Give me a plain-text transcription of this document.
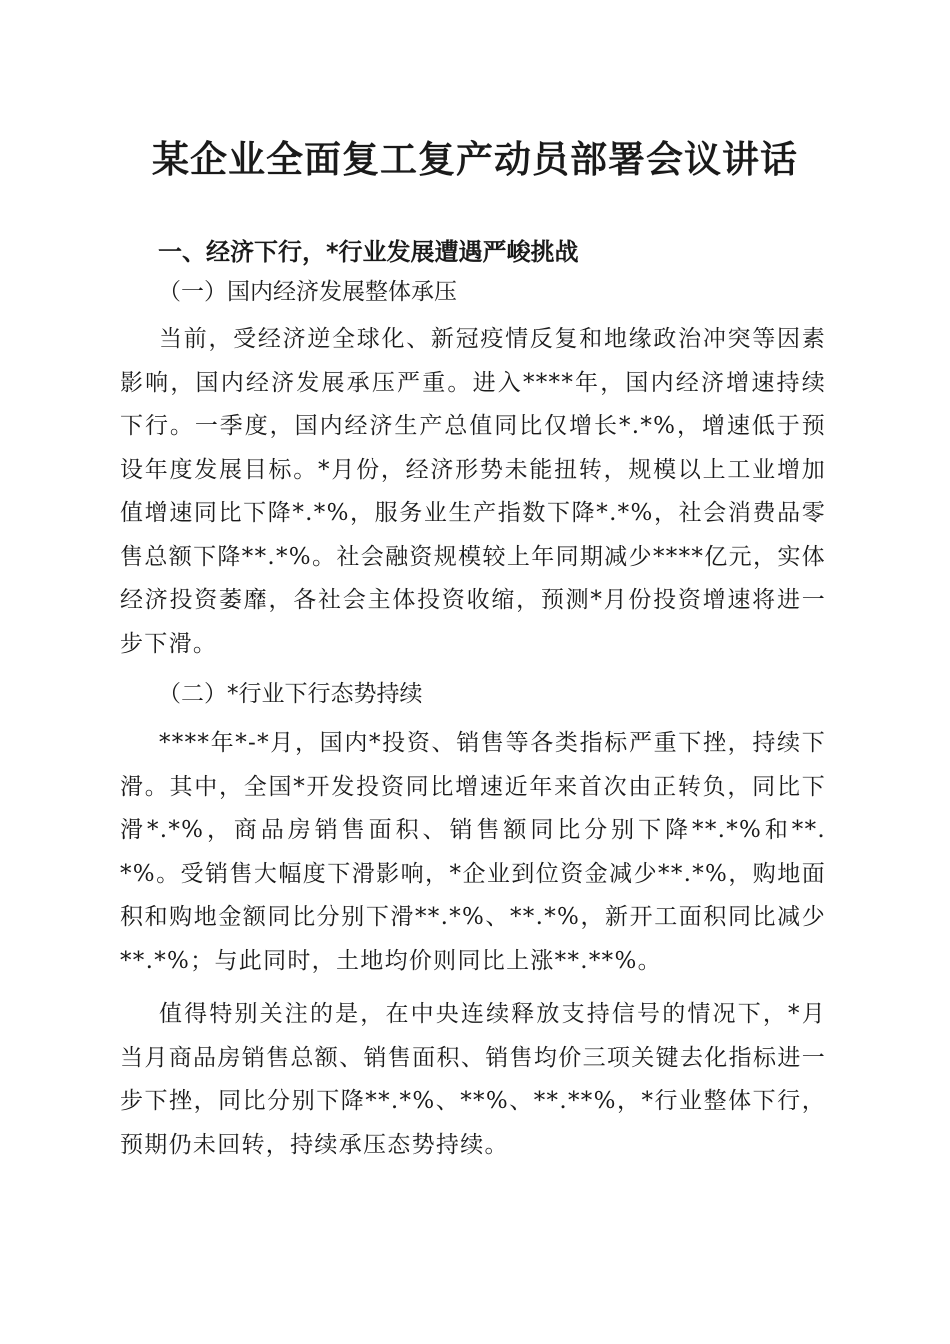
某企业全面复工复产动员部署会议讲话
一、经济下行，*行业发展遭遇严峻挑战
（一）国内经济发展整体承压

当前，受经济逆全球化、新冠疫情反复和地缘政治冲突等因素影响，国内经济发展承压严重。进入****年，国内经济增速持续下行。一季度，国内经济生产总值同比仅增长*.*%，增速低于预设年度发展目标。*月份，经济形势未能扭转，规模以上工业增加值增速同比下降*.*%，服务业生产指数下降*.*%，社会消费品零售总额下降**.*%。社会融资规模较上年同期减少****亿元，实体经济投资萎靡，各社会主体投资收缩，预测*月份投资增速将进一步下滑。

（二）*行业下行态势持续

****年*-*月，国内*投资、销售等各类指标严重下挫，持续下滑。其中，全国*开发投资同比增速近年来首次由正转负，同比下滑*.*%，商品房销售面积、销售额同比分别下降**.*%和**.*%。受销售大幅度下滑影响，*企业到位资金减少**.*%，购地面积和购地金额同比分别下滑**.*%、**.*%，新开工面积同比减少**.*%；与此同时，土地均价则同比上涨**.**%。

值得特别关注的是，在中央连续释放支持信号的情况下，*月当月商品房销售总额、销售面积、销售均价三项关键去化指标进一步下挫，同比分别下降**.*%、**%、**.**%，*行业整体下行，预期仍未回转，持续承压态势持续。
